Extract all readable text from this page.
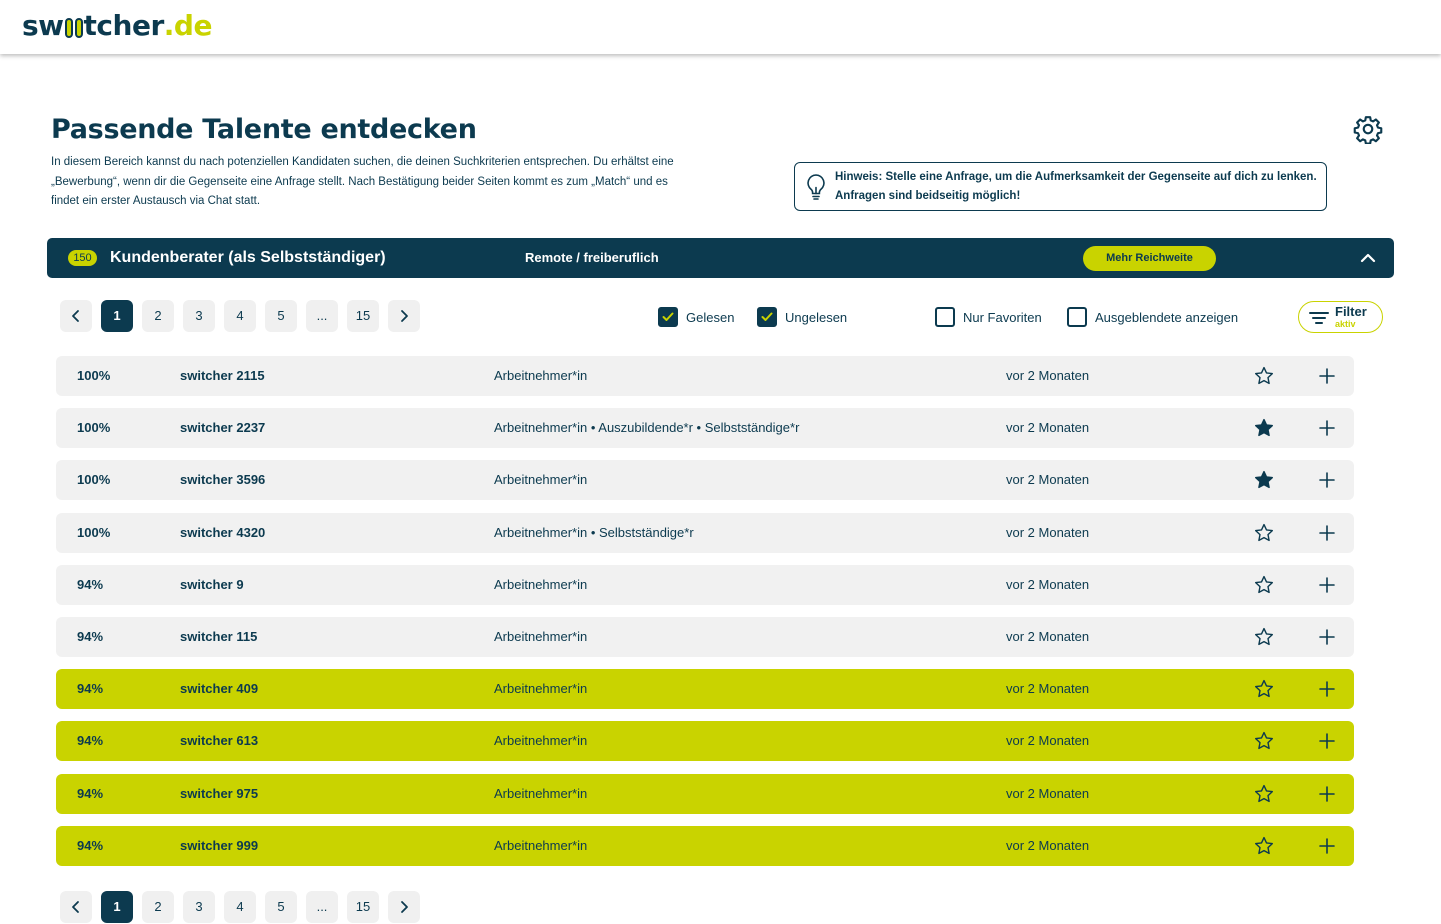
sw tcher .de
Passende Talente entdecken

In diesem Bereich kannst du nach potenziellen Kandidaten suchen, die deinen Suchkriterien entsprechen. Du erhältst eine „Bewerbung“, wenn dir die Gegenseite eine Anfrage stellt. Nach Bestätigung beider Seiten kommt es zum „Match“ und es findet ein erster Austausch via Chat statt.

Hinweis: Stelle eine Anfrage, um die Aufmerksamkeit der Gegenseite auf dich zu lenken. Anfragen sind beidseitig möglich!
150	Kundenberater (als Selbstständiger)	Remote / freiberuflich	Mehr Reichweite
1	2	3	4	5	...	15	Gelesen	Ungelesen	Nur Favoriten	Ausgeblendete anzeigen	Filter
aktiv
100%	switcher 2115	Arbeitnehmer*in	vor 2 Monaten
100%	switcher 2237	Arbeitnehmer*in • Auszubildende*r • Selbstständige*r	vor 2 Monaten
100%	switcher 3596	Arbeitnehmer*in	vor 2 Monaten
100%	switcher 4320	Arbeitnehmer*in • Selbstständige*r	vor 2 Monaten
94%	switcher 9	Arbeitnehmer*in	vor 2 Monaten
94%	switcher 115	Arbeitnehmer*in	vor 2 Monaten
94%	switcher 409	Arbeitnehmer*in	vor 2 Monaten
94%	switcher 613	Arbeitnehmer*in	vor 2 Monaten
94%	switcher 975	Arbeitnehmer*in	vor 2 Monaten
94%	switcher 999	Arbeitnehmer*in	vor 2 Monaten
1	2	3	4	5	...	15
